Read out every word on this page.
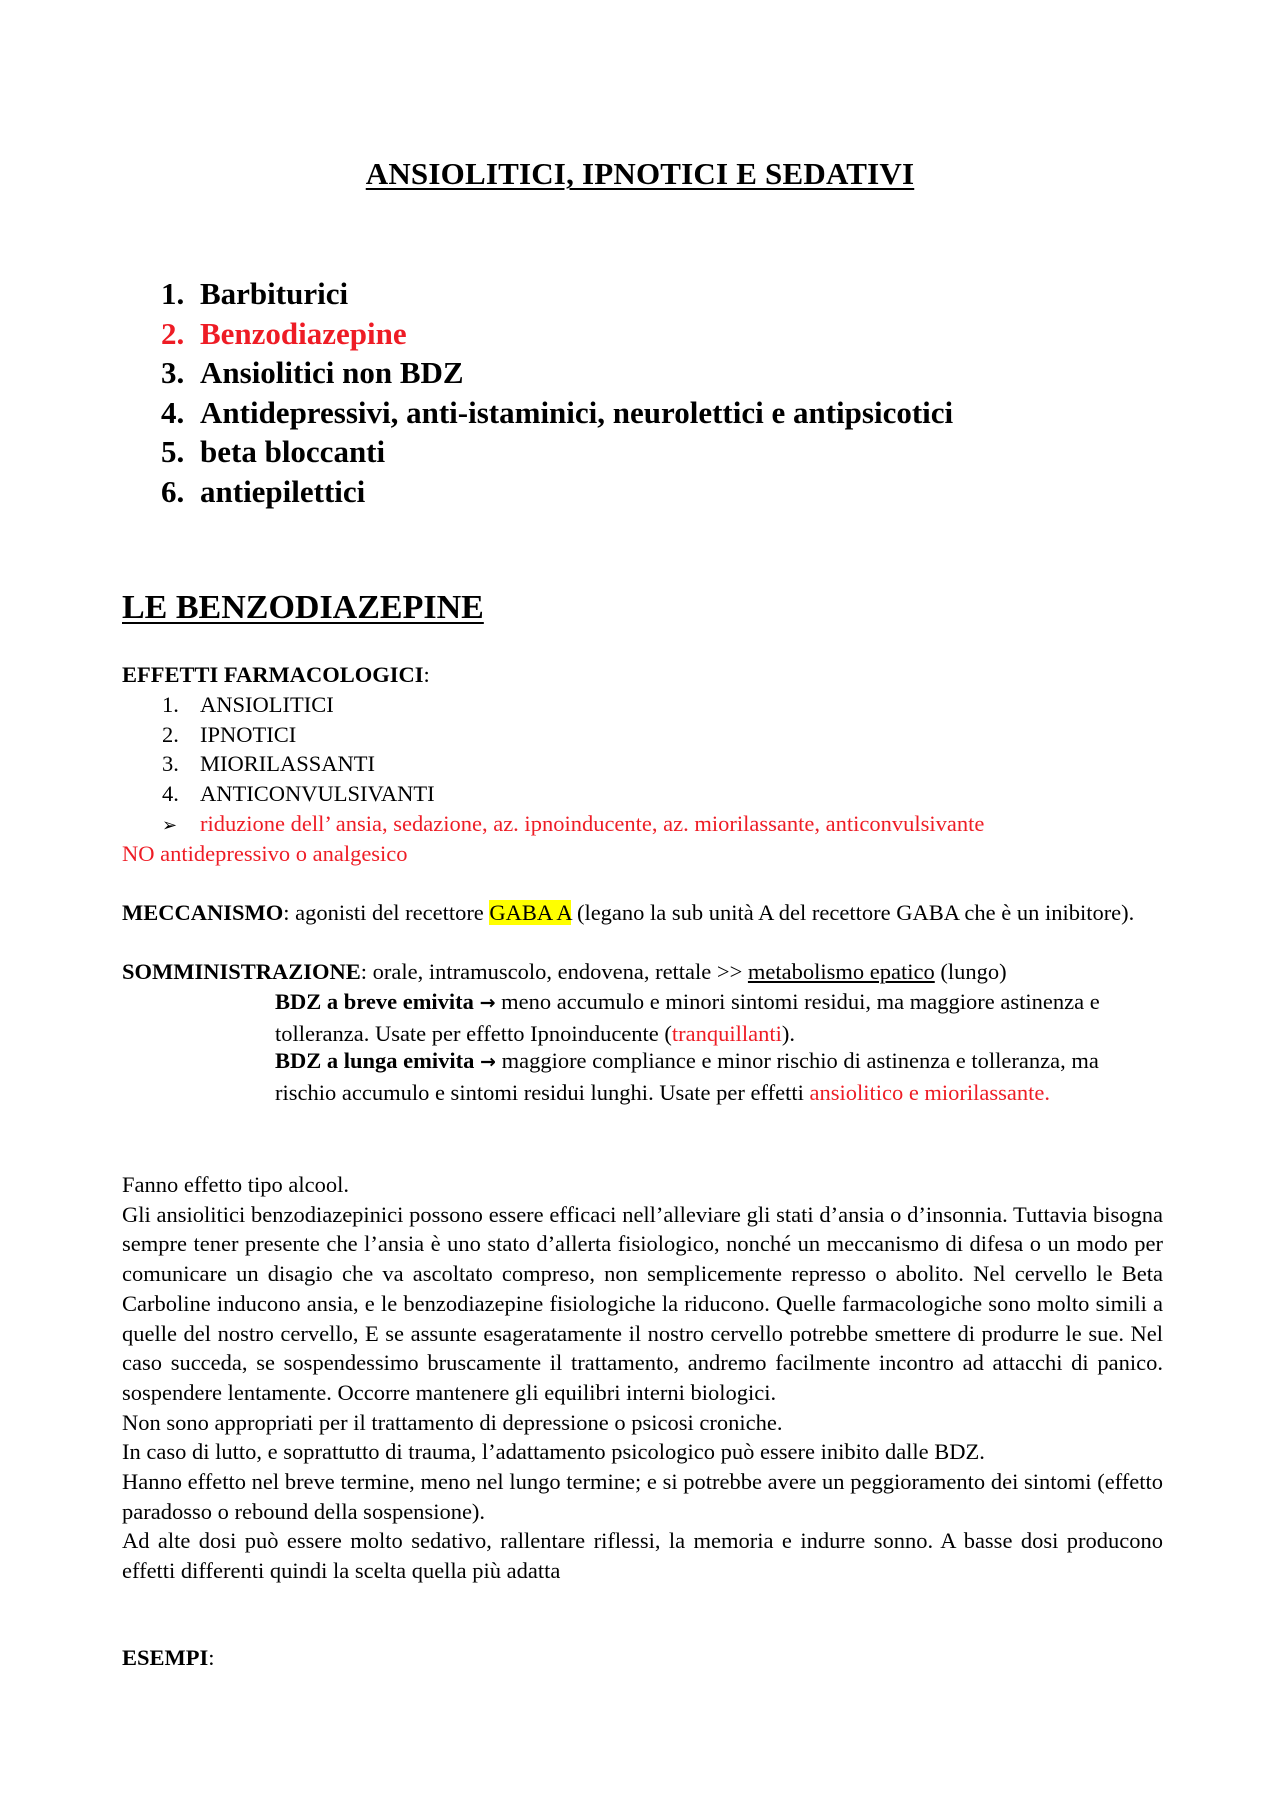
ANSIOLITICI, IPNOTICI E SEDATIVI
1. Barbiturici
2. Benzodiazepine
3. Ansiolitici non BDZ
4. Antidepressivi, anti-istaminici, neurolettici e antipsicotici
5. beta bloccanti
6. antiepilettici
LE BENZODIAZEPINE
EFFETTI FARMACOLOGICI:
1. ANSIOLITICI
2. IPNOTICI
3. MIORILASSANTI
4. ANTICONVULSIVANTI
➢ riduzione dell’ ansia, sedazione, az. ipnoinducente, az. miorilassante, anticonvulsivante
NO antidepressivo o analgesico
MECCANISMO: agonisti del recettore GABA A (legano la sub unità A del recettore GABA che è un inibitore).
SOMMINISTRAZIONE: orale, intramuscolo, endovena, rettale >> metabolismo epatico (lungo)
BDZ a breve emivita → meno accumulo e minori sintomi residui, ma maggiore astinenza e tolleranza. Usate per effetto Ipnoinducente (tranquillanti).
BDZ a lunga emivita → maggiore compliance e minor rischio di astinenza e tolleranza, ma rischio accumulo e sintomi residui lunghi. Usate per effetti ansiolitico e miorilassante.

Fanno effetto tipo alcool.

Gli ansiolitici benzodiazepinici possono essere efficaci nell’alleviare gli stati d’ansia o d’insonnia. Tuttavia bisogna sempre tener presente che l’ansia è uno stato d’allerta fisiologico, nonché un meccanismo di difesa o un modo per comunicare un disagio che va ascoltato compreso, non semplicemente represso o abolito. Nel cervello le Beta Carboline inducono ansia, e le benzodiazepine fisiologiche la riducono. Quelle farmacologiche sono molto simili a quelle del nostro cervello, E se assunte esageratamente il nostro cervello potrebbe smettere di produrre le sue. Nel caso succeda, se sospendessimo bruscamente il trattamento, andremo facilmente incontro ad attacchi di panico. sospendere lentamente. Occorre mantenere gli equilibri interni biologici.

Non sono appropriati per il trattamento di depressione o psicosi croniche.

In caso di lutto, e soprattutto di trauma, l’adattamento psicologico può essere inibito dalle BDZ.

Hanno effetto nel breve termine, meno nel lungo termine; e si potrebbe avere un peggioramento dei sintomi (effetto paradosso o rebound della sospensione).

Ad alte dosi può essere molto sedativo, rallentare riflessi, la memoria e indurre sonno. A basse dosi producono effetti differenti quindi la scelta quella più adatta

ESEMPI:
